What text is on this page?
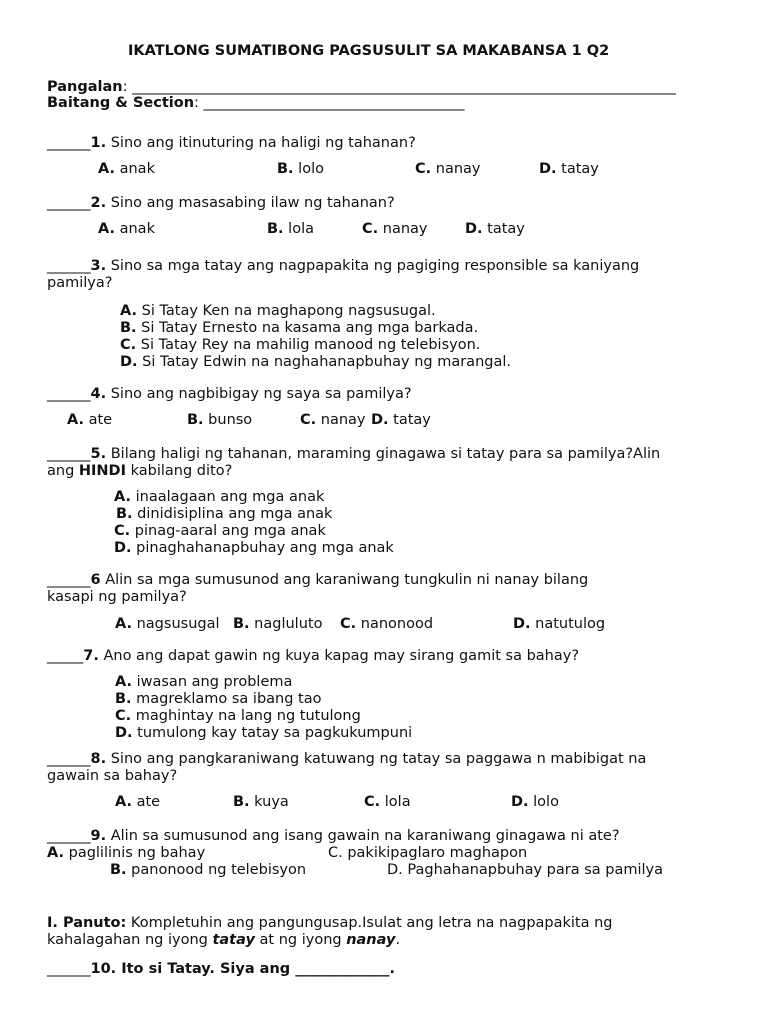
IKATLONG SUMATIBONG PAGSUSULIT SA MAKABANSA 1 Q2
Pangalan: ___________________________________________________________________________
Baitang & Section: ____________________________________
______1. Sino ang itinuturing na haligi ng tahanan?
A. anak	B. lolo	C. nanay	D. tatay
______2. Sino ang masasabing ilaw ng tahanan?
A. anak	B. lola	C. nanay	D. tatay
______3. Sino sa mga tatay ang nagpapakita ng pagiging responsible sa kaniyang
pamilya?
A. Si Tatay Ken na maghapong nagsusugal.
B. Si Tatay Ernesto na kasama ang mga barkada.
C. Si Tatay Rey na mahilig manood ng telebisyon.
D. Si Tatay Edwin na naghahanapbuhay ng marangal.
______4. Sino ang nagbibigay ng saya sa pamilya?
A. ate	B. bunso	C. nanay D. tatay
______5. Bilang haligi ng tahanan, maraming ginagawa si tatay para sa pamilya?Alin
ang HINDI kabilang dito?
A. inaalagaan ang mga anak
B. dinidisiplina ang mga anak
C. pinag-aaral ang mga anak
D. pinaghahanapbuhay ang mga anak
______6 Alin sa mga sumusunod ang karaniwang tungkulin ni nanay bilang
kasapi ng pamilya?
A. nagsusugal B. nagluluto C. nanonood	D. natutulog
_____7. Ano ang dapat gawin ng kuya kapag may sirang gamit sa bahay?
A. iwasan ang problema
B. magreklamo sa ibang tao
C. maghintay na lang ng tutulong
D. tumulong kay tatay sa pagkukumpuni
______8. Sino ang pangkaraniwang katuwang ng tatay sa paggawa n mabibigat na
gawain sa bahay?
A. ate	B. kuya	C. lola	D. lolo
______9. Alin sa sumusunod ang isang gawain na karaniwang ginagawa ni ate?
A. paglilinis ng bahay	C. pakikipaglaro maghapon
B. panonood ng telebisyon	D. Paghahanapbuhay para sa pamilya
I. Panuto: Kompletuhin ang pangungusap.Isulat ang letra na nagpapakita ng
kahalagahan ng iyong tatay at ng iyong nanay.
______10. Ito si Tatay. Siya ang _____________.
